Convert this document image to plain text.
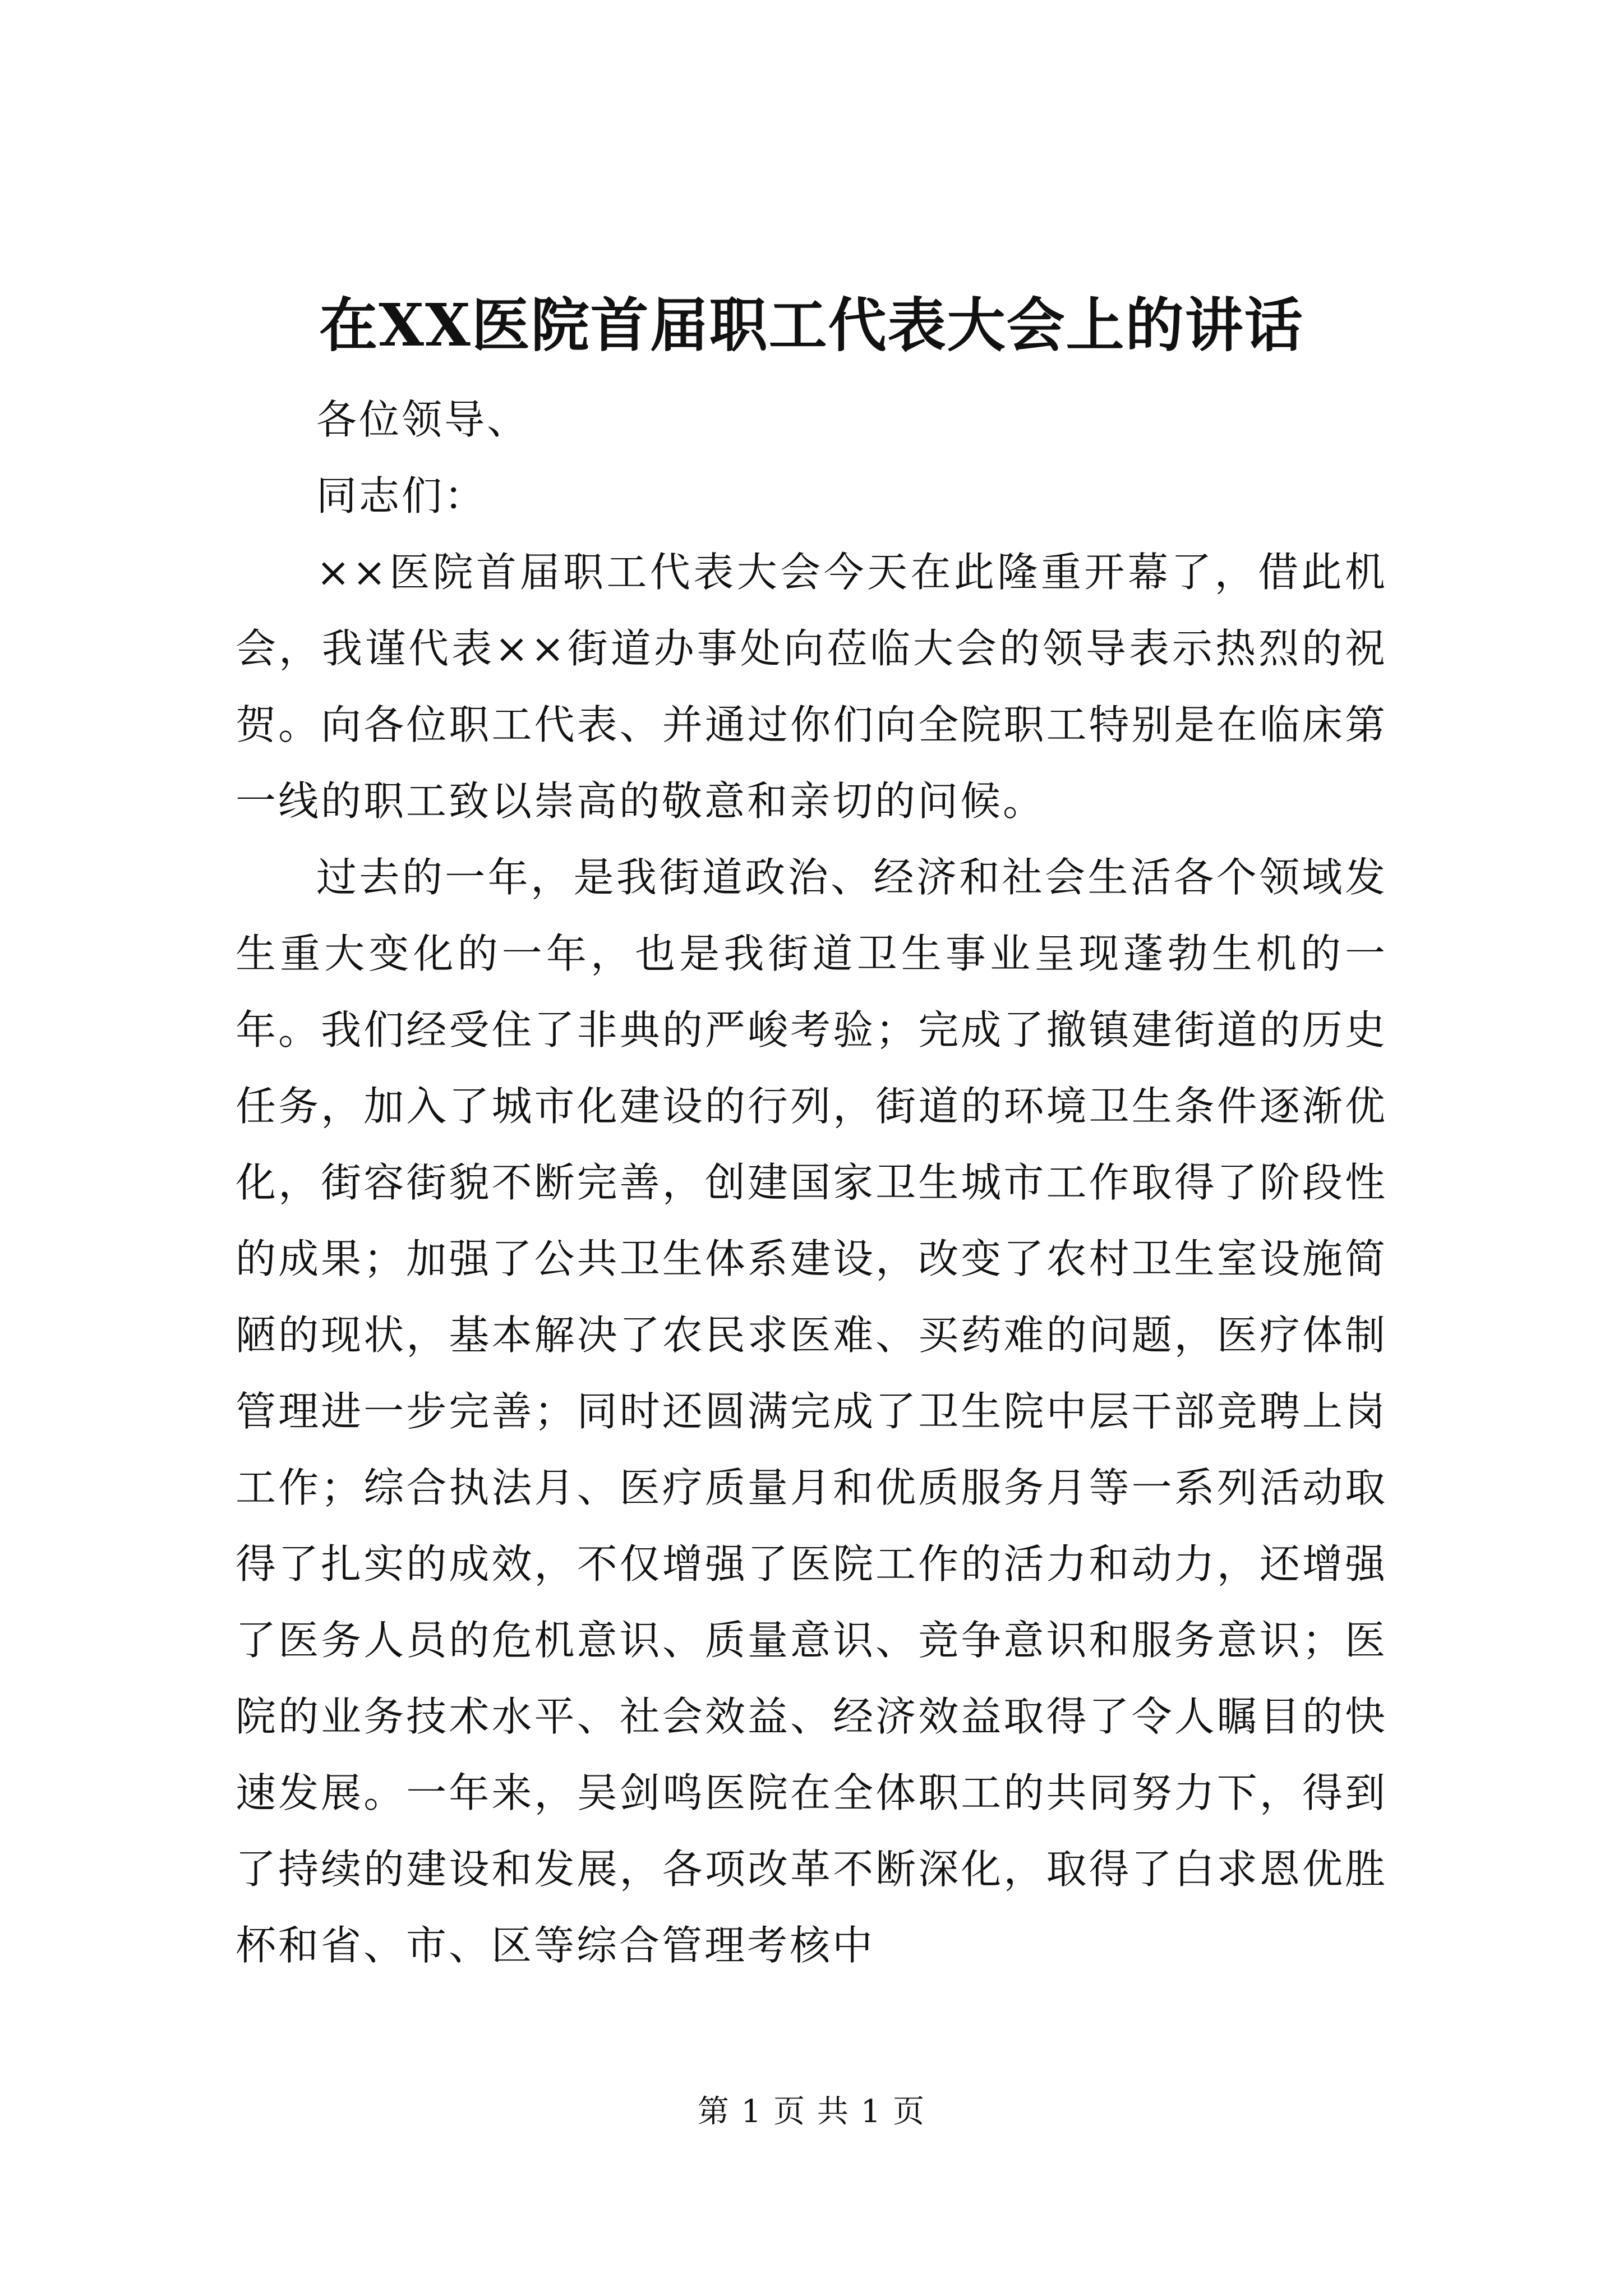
在XX医院首届职工代表大会上的讲话

各位领导、

同志们：

××医院首届职工代表大会今天在此隆重开幕了，借此机会，我谨代表××街道办事处向莅临大会的领导表示热烈的祝贺。向各位职工代表、并通过你们向全院职工特别是在临床第一线的职工致以崇高的敬意和亲切的问候。

过去的一年，是我街道政治、经济和社会生活各个领域发生重大变化的一年，也是我街道卫生事业呈现蓬勃生机的一年。我们经受住了非典的严峻考验；完成了撤镇建街道的历史任务，加入了城市化建设的行列，街道的环境卫生条件逐渐优化，街容街貌不断完善，创建国家卫生城市工作取得了阶段性的成果；加强了公共卫生体系建设，改变了农村卫生室设施简陋的现状，基本解决了农民求医难、买药难的问题，医疗体制管理进一步完善；同时还圆满完成了卫生院中层干部竞聘上岗工作；综合执法月、医疗质量月和优质服务月等一系列活动取得了扎实的成效，不仅增强了医院工作的活力和动力，还增强了医务人员的危机意识、质量意识、竞争意识和服务意识；医院的业务技术水平、社会效益、经济效益取得了令人瞩目的快速发展。一年来，吴剑鸣医院在全体职工的共同努力下，得到了持续的建设和发展，各项改革不断深化，取得了白求恩优胜杯和省、市、区等综合管理考核中

第 1 页 共 1 页
